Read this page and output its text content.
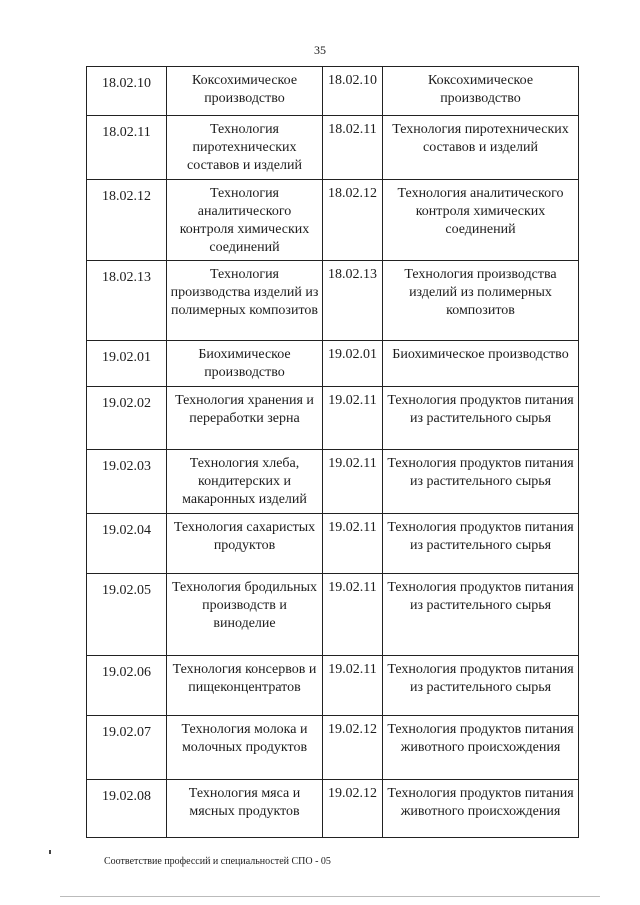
35
18.02.10	Коксохимическое производство	18.02.10	Коксохимическое производство
18.02.11	Технология пиротехнических составов и изделий	18.02.11	Технология пиротехнических составов и изделий
18.02.12	Технология аналитического контроля химических соединений	18.02.12	Технология аналитического контроля химических соединений
18.02.13	Технология производства изделий из полимерных композитов	18.02.13	Технология производства изделий из полимерных композитов
19.02.01	Биохимическое производство	19.02.01	Биохимическое производство
19.02.02	Технология хранения и переработки зерна	19.02.11	Технология продуктов питания из растительного сырья
19.02.03	Технология хлеба, кондитерских и макаронных изделий	19.02.11	Технология продуктов питания из растительного сырья
19.02.04	Технология сахаристых продуктов	19.02.11	Технология продуктов питания из растительного сырья
19.02.05	Технология бродильных производств и виноделие	19.02.11	Технология продуктов питания из растительного сырья
19.02.06	Технология консервов и пищеконцентратов	19.02.11	Технология продуктов питания из растительного сырья
19.02.07	Технология молока и молочных продуктов	19.02.12	Технология продуктов питания животного происхождения
19.02.08	Технология мяса и мясных продуктов	19.02.12	Технология продуктов питания животного происхождения
Соответствие профессий и специальностей СПО - 05
